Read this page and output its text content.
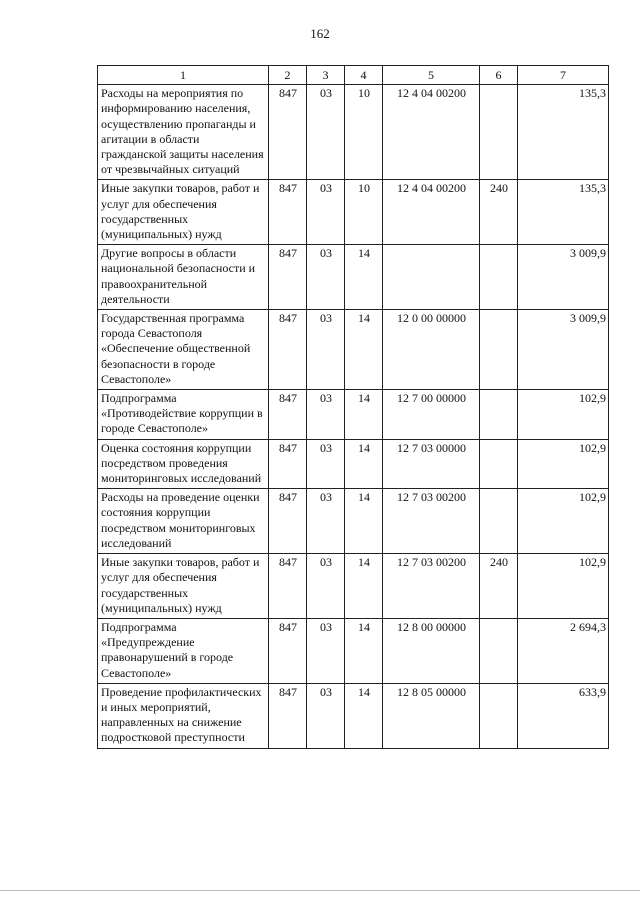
162
1	2	3	4	5	6	7
Расходы на мероприятия по информированию населения, осуществлению пропаганды и агитации в области гражданской защиты населения от чрезвычайных ситуаций	847	03	10	12 4 04 00200		135,3
Иные закупки товаров, работ и услуг для обеспечения государственных (муниципальных) нужд	847	03	10	12 4 04 00200	240	135,3
Другие вопросы в области национальной безопасности и правоохранительной деятельности	847	03	14			3 009,9
Государственная программа города Севастополя «Обеспечение общественной безопасности в городе Севастополе»	847	03	14	12 0 00 00000		3 009,9
Подпрограмма «Противодействие коррупции в городе Севастополе»	847	03	14	12 7 00 00000		102,9
Оценка состояния коррупции посредством проведения мониторинговых исследований	847	03	14	12 7 03 00000		102,9
Расходы на проведение оценки состояния коррупции посредством мониторинговых исследований	847	03	14	12 7 03 00200		102,9
Иные закупки товаров, работ и услуг для обеспечения государственных (муниципальных) нужд	847	03	14	12 7 03 00200	240	102,9
Подпрограмма «Предупреждение правонарушений в городе Севастополе»	847	03	14	12 8 00 00000		2 694,3
Проведение профилактических и иных мероприятий, направленных на снижение подростковой преступности	847	03	14	12 8 05 00000		633,9
